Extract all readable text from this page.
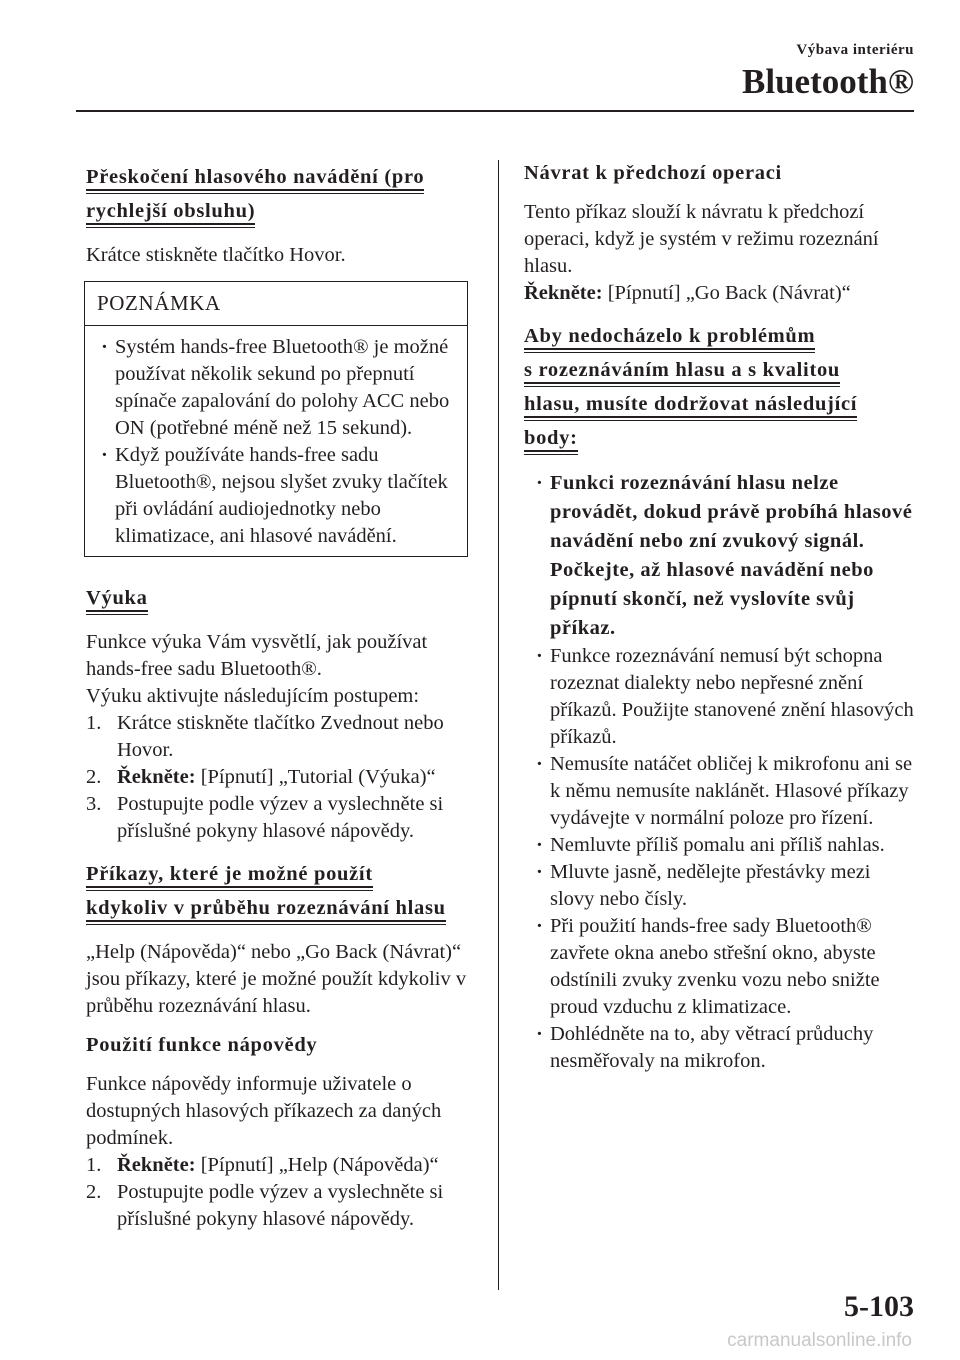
Výbava interiéru
Bluetooth®
Přeskočení hlasového navádění (pro
rychlejší obsluhu)

Krátce stiskněte tlačítko Hovor.

POZNÁMKA
· Systém hands-free Bluetooth® je možné používat několik sekund po přepnutí spínače zapalování do polohy ACC nebo ON (potřebné méně než 15 sekund).
· Když používáte hands-free sadu Bluetooth®, nejsou slyšet zvuky tlačítek při ovládání audiojednotky nebo klimatizace, ani hlasové navádění.
Výuka

Funkce výuka Vám vysvětlí, jak používat hands-free sadu Bluetooth®.

Výuku aktivujte následujícím postupem:

1. Krátce stiskněte tlačítko Zvednout nebo Hovor.
2. Řekněte: [Pípnutí] „Tutorial (Výuka)“
3. Postupujte podle výzev a vyslechněte si příslušné pokyny hlasové nápovědy.
Příkazy, které je možné použít
kdykoliv v průběhu rozeznávání hlasu

„Help (Nápověda)“ nebo „Go Back (Návrat)“ jsou příkazy, které je možné použít kdykoliv v průběhu rozeznávání hlasu.

Použití funkce nápovědy

Funkce nápovědy informuje uživatele o dostupných hlasových příkazech za daných podmínek.

1. Řekněte: [Pípnutí] „Help (Nápověda)“
2. Postupujte podle výzev a vyslechněte si příslušné pokyny hlasové nápovědy.
Návrat k předchozí operaci

Tento příkaz slouží k návratu k předchozí operaci, když je systém v režimu rozeznání hlasu.

Řekněte: [Pípnutí] „Go Back (Návrat)“

Aby nedocházelo k problémům
s rozeznáváním hlasu a s kvalitou
hlasu, musíte dodržovat následující
body:
· Funkci rozeznávání hlasu nelze provádět, dokud právě probíhá hlasové navádění nebo zní zvukový signál. Počkejte, až hlasové navádění nebo pípnutí skončí, než vyslovíte svůj příkaz.
· Funkce rozeznávání nemusí být schopna rozeznat dialekty nebo nepřesné znění příkazů. Použijte stanovené znění hlasových příkazů.
· Nemusíte natáčet obličej k mikrofonu ani se k němu nemusíte naklánět. Hlasové příkazy vydávejte v normální poloze pro řízení.
· Nemluvte příliš pomalu ani příliš nahlas.
· Mluvte jasně, nedělejte přestávky mezi slovy nebo čísly.
· Při použití hands-free sady Bluetooth® zavřete okna anebo střešní okno, abyste odstínili zvuky zvenku vozu nebo snižte proud vzduchu z klimatizace.
· Dohlédněte na to, aby větrací průduchy nesměřovaly na mikrofon.
5-103
carmanualsonline.info
